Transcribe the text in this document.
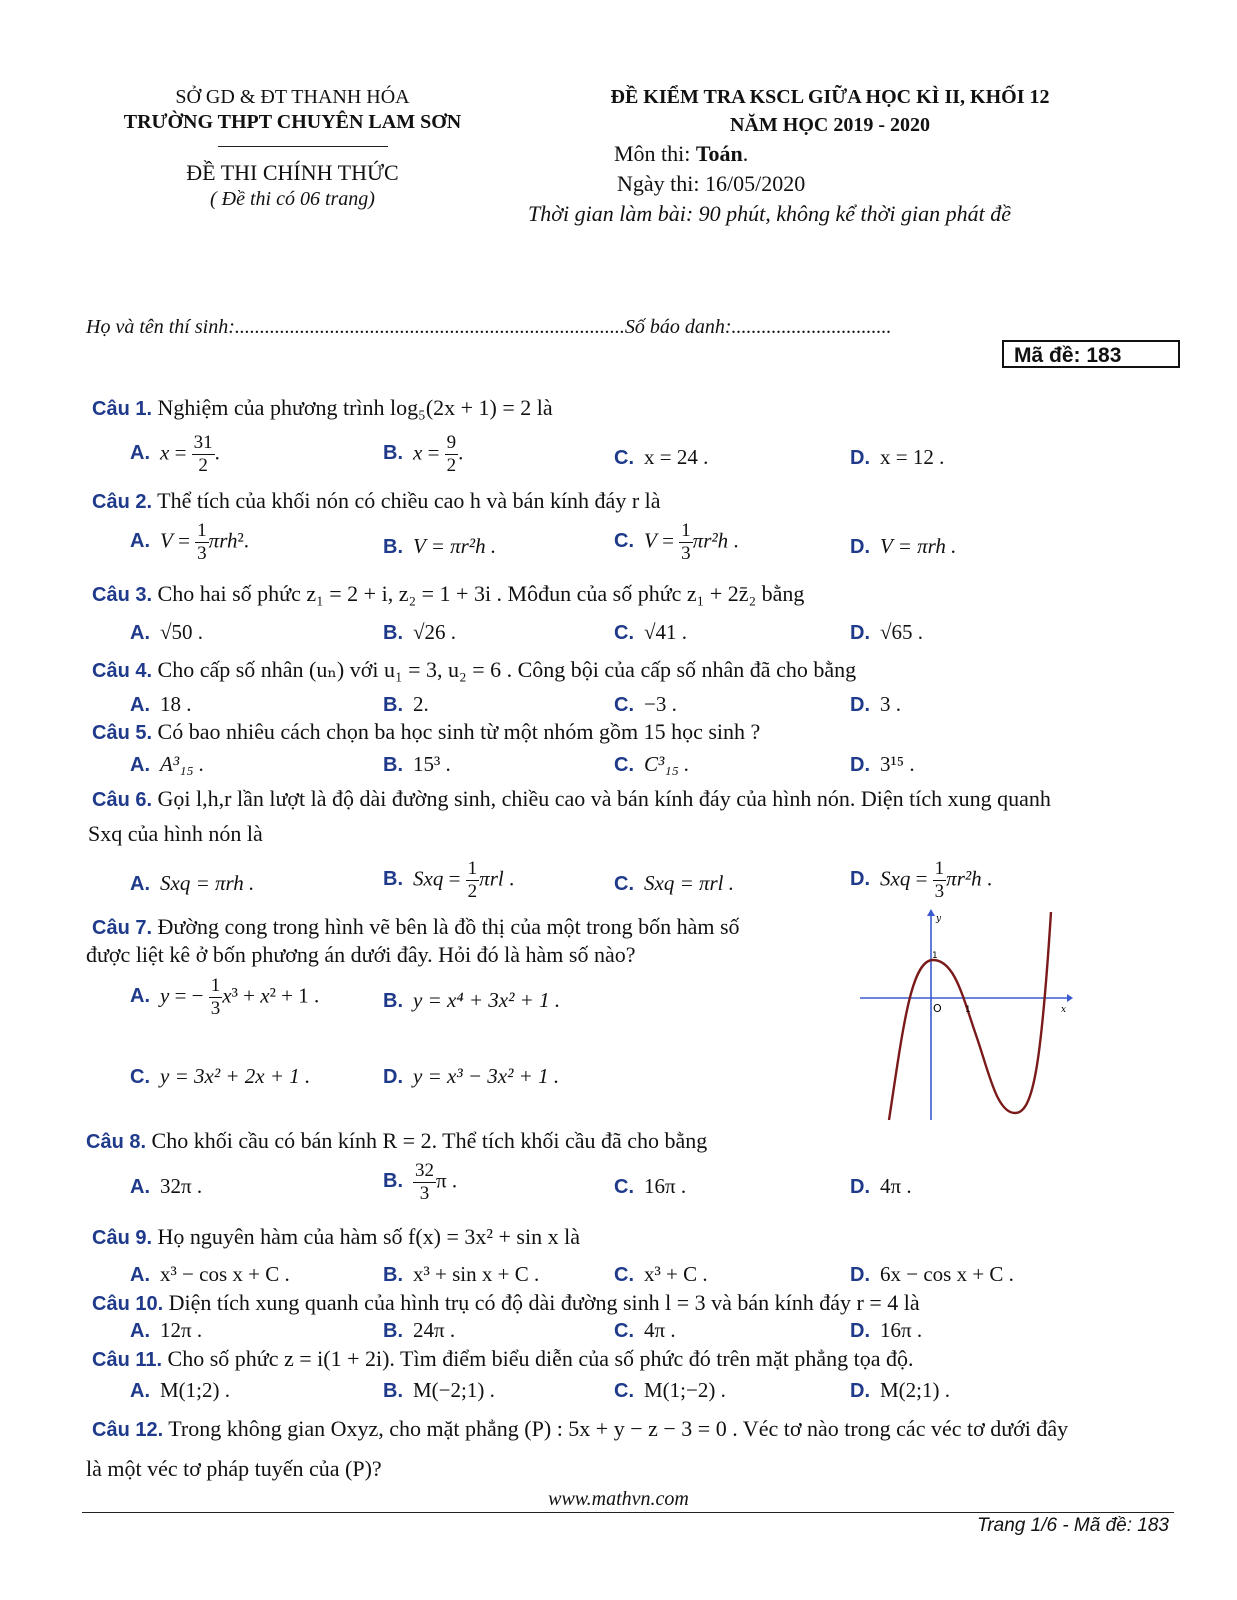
SỞ GD & ĐT THANH HÓA
TRƯỜNG THPT CHUYÊN LAM SƠN
ĐỀ THI CHÍNH THỨC
( Đề thi có 06 trang)
ĐỀ KIỂM TRA KSCL GIỮA HỌC KÌ II, KHỐI 12
NĂM HỌC 2019 - 2020
Môn thi: Toán.
Ngày thi: 16/05/2020
Thời gian làm bài: 90 phút, không kể thời gian phát đề
Họ và tên thí sinh:..............................................................................Số báo danh:................................
Mã đề: 183
Câu 1. Nghiệm của phương trình log₅(2x + 1) = 2 là
A. $x = \frac{31}{2}$ .	B. $x = \frac{9}{2}$ .	C. x = 24 .	D. x = 12 .
Câu 2. Thể tích của khối nón có chiều cao h và bán kính đáy r là
A. $V = \frac{1}{3} \pi rh^2$.	B. V = πr²h .	C. $V = \frac{1}{3} \pi r^2h$ .	D. V = πrh .
Câu 3. Cho hai số phức z₁ = 2 + i, z₂ = 1 + 3i . Môđun của số phức z₁ + 2z̄₂ bằng
A. √50 .	B. √26 .	C. √41 .	D. √65 .
Câu 4. Cho cấp số nhân (uₙ) với u₁ = 3, u₂ = 6 . Công bội của cấp số nhân đã cho bằng
A. 18 .	B. 2.	C. −3 .	D. 3 .
Câu 5. Có bao nhiêu cách chọn ba học sinh từ một nhóm gồm 15 học sinh ?
A. A³₁₅ .	B. 15³ .	C. C³₁₅ .	D. 3¹⁵ .
Câu 6. Gọi l,h,r lần lượt là độ dài đường sinh, chiều cao và bán kính đáy của hình nón. Diện tích xung quanh
Sxq của hình nón là
A. Sxq = πrh .	B. Sxq = $\frac{1}{2}$ πrl .	C. Sxq = πrl .	D. Sxq = $\frac{1}{3} \pi r^2h$ .
Câu 7. Đường cong trong hình vẽ bên là đồ thị của một trong bốn hàm số
được liệt kê ở bốn phương án dưới đây. Hỏi đó là hàm số nào?
A. y = − $\frac{1}{3} x^3 + x^2 + 1$ .	B. y = x⁴ + 3x² + 1 .
C. y = 3x² + 2x + 1 .	D. y = x³ − 3x² + 1 .
y
x
O	1
1
Câu 8. Cho khối cầu có bán kính R = 2. Thể tích khối cầu đã cho bằng
A. 32π .	B. $\frac{32}{3}$ π .	C. 16π .	D. 4π .
Câu 9. Họ nguyên hàm của hàm số f(x) = 3x² + sin x là
A. x³ − cos x + C .	B. x³ + sin x + C .	C. x³ + C .	D. 6x − cos x + C .
Câu 10. Diện tích xung quanh của hình trụ có độ dài đường sinh l = 3 và bán kính đáy r = 4 là
A. 12π .	B. 24π .	C. 4π .	D. 16π .
Câu 11. Cho số phức z = i(1 + 2i). Tìm điểm biểu diễn của số phức đó trên mặt phẳng tọa độ.
A. M(1;2) .	B. M(−2;1) .	C. M(1;−2) .	D. M(2;1) .
Câu 12. Trong không gian Oxyz, cho mặt phẳng (P) : 5x + y − z − 3 = 0 . Véc tơ nào trong các véc tơ dưới đây
là một véc tơ pháp tuyến của (P)?
www.mathvn.com
Trang 1/6 - Mã đề: 183
